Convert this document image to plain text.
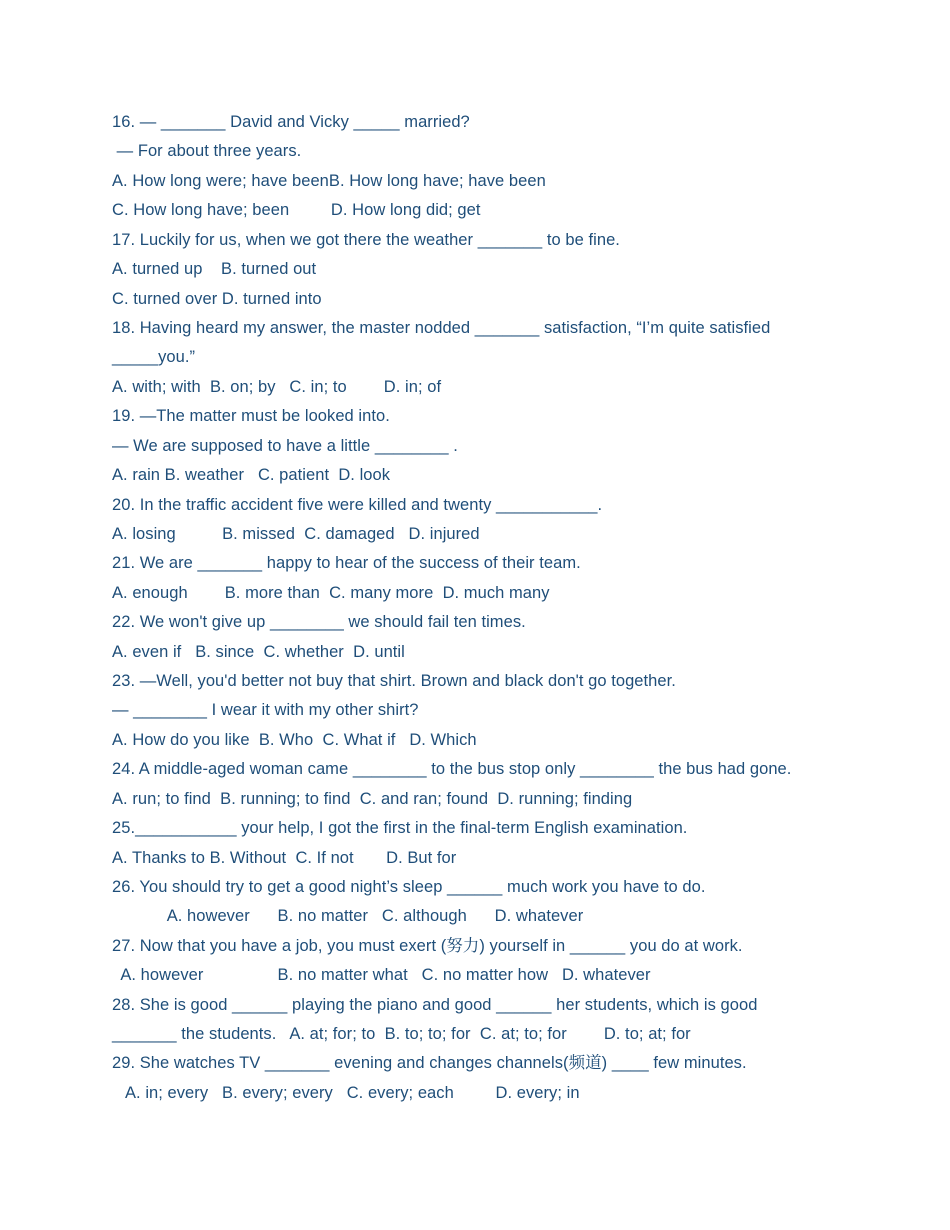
16. — _______ David and Vicky _____ married?
— For about three years.
A. How long were; have beenB. How long have; have been
C. How long have; been         D. How long did; get
17. Luckily for us, when we got there the weather _______ to be fine.
A. turned up    B. turned out
C. turned over D. turned into
18. Having heard my answer, the master nodded _______ satisfaction, “I’m quite satisfied
_____you.”
A. with; with  B. on; by   C. in; to        D. in; of
19. —The matter must be looked into.
— We are supposed to have a little ________ .
A. rain B. weather   C. patient  D. look
20. In the traffic accident five were killed and twenty ___________.
A. losing          B. missed  C. damaged   D. injured
21. We are _______ happy to hear of the success of their team.
A. enough        B. more than  C. many more  D. much many
22. We won't give up ________ we should fail ten times.
A. even if   B. since  C. whether  D. until
23. —Well, you'd better not buy that shirt. Brown and black don't go together.
— ________ I wear it with my other shirt?
A. How do you like  B. Who  C. What if   D. Which
24. A middle-aged woman came ________ to the bus stop only ________ the bus had gone.
A. run; to find  B. running; to find  C. and ran; found  D. running; finding
25.___________ your help, I got the first in the final-term English examination.
A. Thanks to B. Without  C. If not       D. But for
26. You should try to get a good night’s sleep ______ much work you have to do.
A. however      B. no matter   C. although      D. whatever
27. Now that you have a job, you must exert (努力) yourself in ______ you do at work.
A. however                B. no matter what   C. no matter how   D. whatever
28. She is good ______ playing the piano and good ______ her students, which is good
_______ the students.   A. at; for; to  B. to; to; for  C. at; to; for        D. to; at; for
29. She watches TV _______ evening and changes channels(频道) ____ few minutes.
A. in; every   B. every; every   C. every; each         D. every; in
